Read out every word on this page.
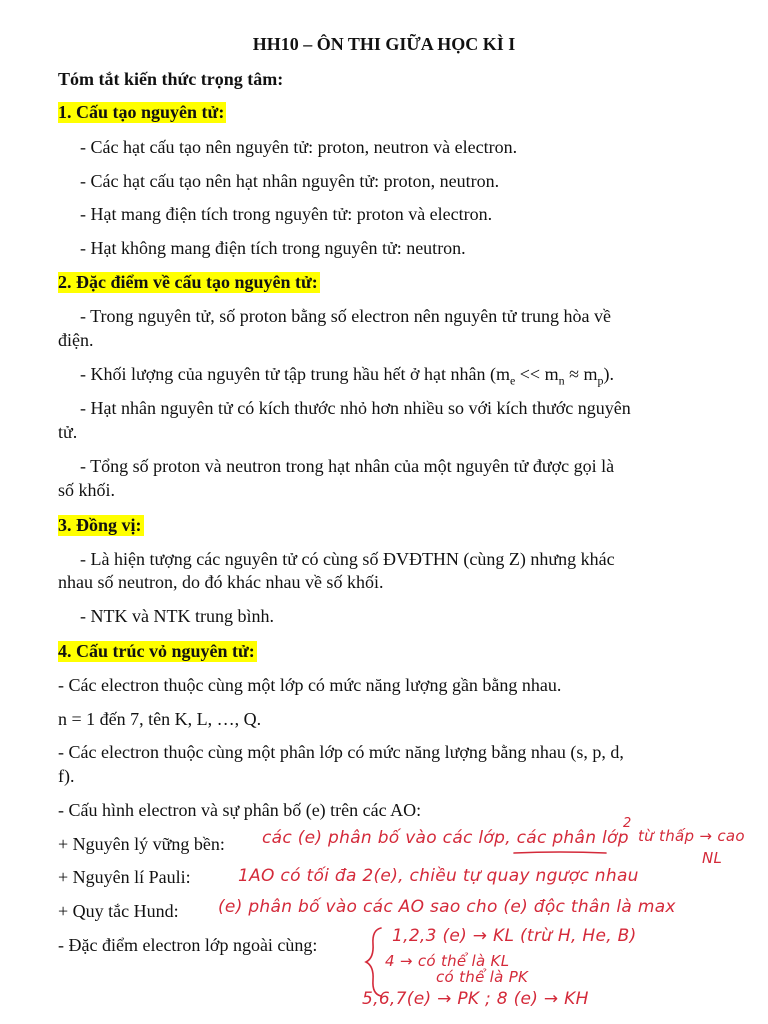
HH10 – ÔN THI GIỮA HỌC KÌ I
Tóm tắt kiến thức trọng tâm:
1. Cấu tạo nguyên tử:
- Các hạt cấu tạo nên nguyên tử: proton, neutron và electron.
- Các hạt cấu tạo nên hạt nhân nguyên tử: proton, neutron.
- Hạt mang điện tích trong nguyên tử: proton và electron.
- Hạt không mang điện tích trong nguyên tử: neutron.
2. Đặc điểm về cấu tạo nguyên tử:
- Trong nguyên tử, số proton bằng số electron nên nguyên tử trung hòa về
điện.
- Khối lượng của nguyên tử tập trung hầu hết ở hạt nhân $(m_e << m_n \approx m_p)$.
- Hạt nhân nguyên tử có kích thước nhỏ hơn nhiều so với kích thước nguyên
tử.
- Tổng số proton và neutron trong hạt nhân của một nguyên tử được gọi là
số khối.
3. Đồng vị:
- Là hiện tượng các nguyên tử có cùng số ĐVĐTHN (cùng Z) nhưng khác
nhau số neutron, do đó khác nhau về số khối.
- NTK và NTK trung bình.
4. Cấu trúc vỏ nguyên tử:
- Các electron thuộc cùng một lớp có mức năng lượng gần bằng nhau.
n = 1 đến 7, tên K, L, …, Q.
- Các electron thuộc cùng một phân lớp có mức năng lượng bằng nhau (s, p, d,
f).
- Cấu hình electron và sự phân bố (e) trên các AO:
+ Nguyên lý vững bền:
+ Nguyên lí Pauli:
+ Quy tắc Hund:
- Đặc điểm electron lớp ngoài cùng:
các (e) phân bố vào các lớp, các phân lớp
2
từ thấp → cao
NL
1AO có tối đa 2(e), chiều tự quay ngược nhau
(e) phân bố vào các AO sao cho (e) độc thân là max
1,2,3 (e) → KL (trừ H, He, B)
4 → có thể là KL
có thể là PK
5,6,7(e) → PK ; 8 (e) → KH
